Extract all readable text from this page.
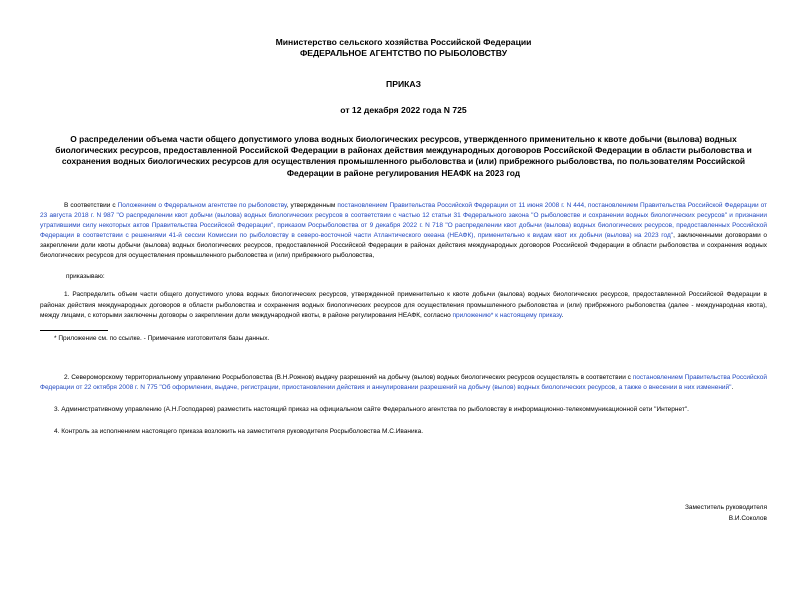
Министерство сельского хозяйства Российской Федерации
ФЕДЕРАЛЬНОЕ АГЕНТСТВО ПО РЫБОЛОВСТВУ
ПРИКАЗ
от 12 декабря 2022 года N 725
О распределении объема части общего допустимого улова водных биологических ресурсов, утвержденного применительно к квоте добычи (вылова) водных биологических ресурсов, предоставленной Российской Федерации в районах действия международных договоров Российской Федерации в области рыболовства и сохранения водных биологических ресурсов для осуществления промышленного рыболовства и (или) прибрежного рыболовства, по пользователям Российской Федерации в районе регулирования НЕАФК на 2023 год
В соответствии с Положением о Федеральном агентстве по рыболовству, утвержденным постановлением Правительства Российской Федерации от 11 июня 2008 г. N 444, постановлением Правительства Российской Федерации от 23 августа 2018 г. N 987 "О распределении квот добычи (вылова) водных биологических ресурсов в соответствии с частью 12 статьи 31 Федерального закона "О рыболовстве и сохранении водных биологических ресурсов" и признании утратившими силу некоторых актов Правительства Российской Федерации", приказом Росрыболовства от 9 декабря 2022 г. N 718 "О распределении квот добычи (вылова) водных биологических ресурсов, предоставленных Российской Федерации в соответствии с решениями 41-й сессии Комиссии по рыболовству в северо-восточной части Атлантического океана (НЕАФК), применительно к видам квот их добычи (вылова) на 2023 год", заключенными договорами о закреплении доли квоты добычи (вылова) водных биологических ресурсов, предоставленной Российской Федерации в районах действия международных договоров Российской Федерации в области рыболовства и сохранения водных биологических ресурсов для осуществления промышленного рыболовства и (или) прибрежного рыболовства,
приказываю:
1. Распределить объем части общего допустимого улова водных биологических ресурсов, утвержденной применительно к квоте добычи (вылова) водных биологических ресурсов, предоставленной Российской Федерации в районах действия международных договоров в области рыболовства и сохранения водных биологических ресурсов для осуществления промышленного рыболовства и (или) прибрежного рыболовства (далее - международная квота), между лицами, с которыми заключены договоры о закреплении доли международной квоты, в районе регулирования НЕАФК, согласно приложению* к настоящему приказу.
* Приложение см. по ссылке. - Примечание изготовителя базы данных.
2. Североморскому территориальному управлению Росрыболовства (В.Н.Рожнов) выдачу разрешений на добычу (вылов) водных биологических ресурсов осуществлять в соответствии с постановлением Правительства Российской Федерации от 22 октября 2008 г. N 775 "Об оформлении, выдаче, регистрации, приостановлении действия и аннулировании разрешений на добычу (вылов) водных биологических ресурсов, а также о внесении в них изменений".
3. Административному управлению (А.Н.Господарев) разместить настоящий приказ на официальном сайте Федерального агентства по рыболовству в информационно-телекоммуникационной сети "Интернет".
4. Контроль за исполнением настоящего приказа возложить на заместителя руководителя Росрыболовства М.С.Иваника.
Заместитель руководителя
В.И.Соколов
